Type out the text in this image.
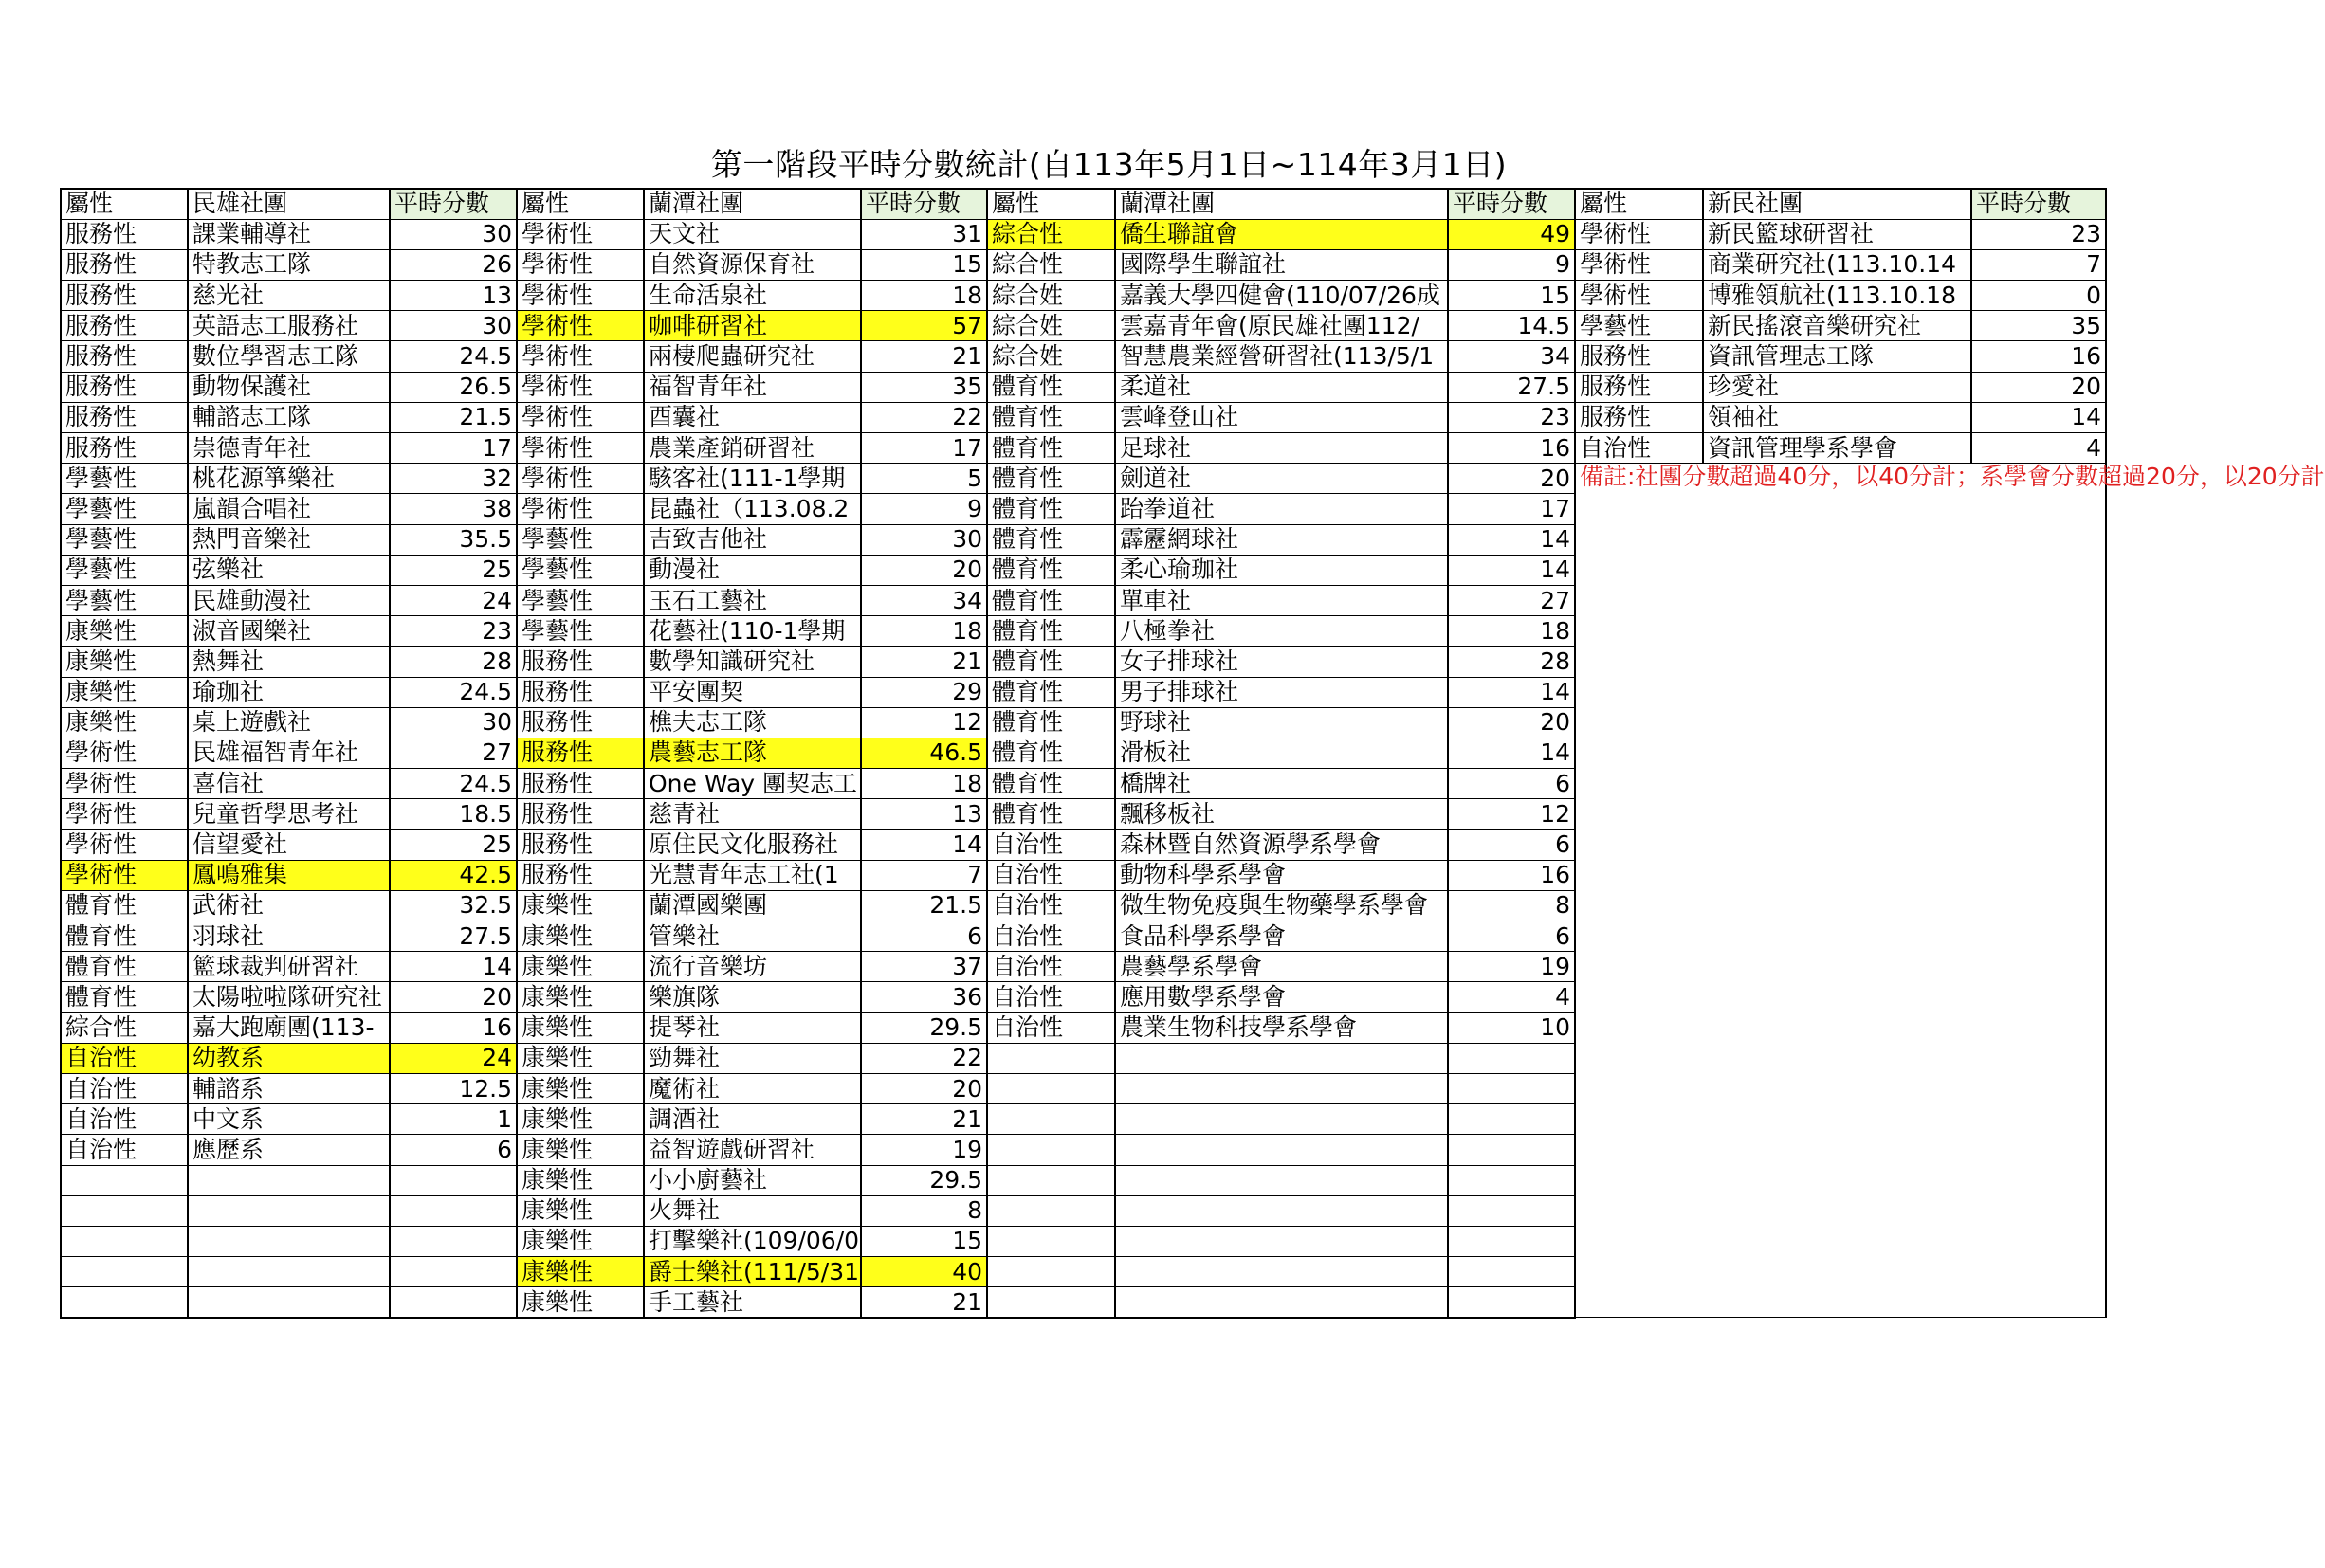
第一階段平時分數統計(自113年5月1日~114年3月1日)
屬性	民雄社團	平時分數	屬性	蘭潭社團	平時分數	屬性	蘭潭社團	平時分數	屬性	新民社團	平時分數
服務性	課業輔導社	30	學術性	天文社	31	綜合性	僑生聯誼會	49	學術性	新民籃球研習社	23
服務性	特教志工隊	26	學術性	自然資源保育社	15	綜合性	國際學生聯誼社	9	學術性	商業研究社(113.10.14	7
服務性	慈光社	13	學術性	生命活泉社	18	綜合姓	嘉義大學四健會(110/07/26成	15	學術性	博雅領航社(113.10.18	0
服務性	英語志工服務社	30	學術性	咖啡研習社	57	綜合姓	雲嘉青年會(原民雄社團112/	14.5	學藝性	新民搖滾音樂研究社	35
服務性	數位學習志工隊	24.5	學術性	兩棲爬蟲研究社	21	綜合姓	智慧農業經營研習社(113/5/1	34	服務性	資訊管理志工隊	16
服務性	動物保護社	26.5	學術性	福智青年社	35	體育性	柔道社	27.5	服務性	珍愛社	20
服務性	輔諮志工隊	21.5	學術性	酉囊社	22	體育性	雲峰登山社	23	服務性	領袖社	14
服務性	崇德青年社	17	學術性	農業產銷研習社	17	體育性	足球社	16	自治性	資訊管理學系學會	4
學藝性	桃花源箏樂社	32	學術性	駭客社(111-1學期	5	體育性	劍道社	20	備註:社團分數超過40分，以40分計；系學會分數超過20分，以20分計		
學藝性	嵐韻合唱社	38	學術性	昆蟲社（113.08.2	9	體育性	跆拳道社	17			
學藝性	熱門音樂社	35.5	學藝性	吉致吉他社	30	體育性	霹靂網球社	14			
學藝性	弦樂社	25	學藝性	動漫社	20	體育性	柔心瑜珈社	14			
學藝性	民雄動漫社	24	學藝性	玉石工藝社	34	體育性	單車社	27			
康樂性	淑音國樂社	23	學藝性	花藝社(110-1學期	18	體育性	八極拳社	18			
康樂性	熱舞社	28	服務性	數學知識研究社	21	體育性	女子排球社	28			
康樂性	瑜珈社	24.5	服務性	平安團契	29	體育性	男子排球社	14			
康樂性	桌上遊戲社	30	服務性	樵夫志工隊	12	體育性	野球社	20			
學術性	民雄福智青年社	27	服務性	農藝志工隊	46.5	體育性	滑板社	14			
學術性	喜信社	24.5	服務性	One Way 團契志工	18	體育性	橋牌社	6			
學術性	兒童哲學思考社	18.5	服務性	慈青社	13	體育性	飄移板社	12			
學術性	信望愛社	25	服務性	原住民文化服務社	14	自治性	森林暨自然資源學系學會	6			
學術性	鳳鳴雅集	42.5	服務性	光慧青年志工社(1	7	自治性	動物科學系學會	16			
體育性	武術社	32.5	康樂性	蘭潭國樂團	21.5	自治性	微生物免疫與生物藥學系學會	8			
體育性	羽球社	27.5	康樂性	管樂社	6	自治性	食品科學系學會	6			
體育性	籃球裁判研習社	14	康樂性	流行音樂坊	37	自治性	農藝學系學會	19			
體育性	太陽啦啦隊研究社	20	康樂性	樂旗隊	36	自治性	應用數學系學會	4			
綜合性	嘉大跑廟團(113-	16	康樂性	提琴社	29.5	自治性	農業生物科技學系學會	10			
自治性	幼教系	24	康樂性	勁舞社	22						
自治性	輔諮系	12.5	康樂性	魔術社	20						
自治性	中文系	1	康樂性	調酒社	21						
自治性	應歷系	6	康樂性	益智遊戲研習社	19						
			康樂性	小小廚藝社	29.5						
			康樂性	火舞社	8						
			康樂性	打擊樂社(109/06/0	15						
			康樂性	爵士樂社(111/5/31	40						
			康樂性	手工藝社	21						
